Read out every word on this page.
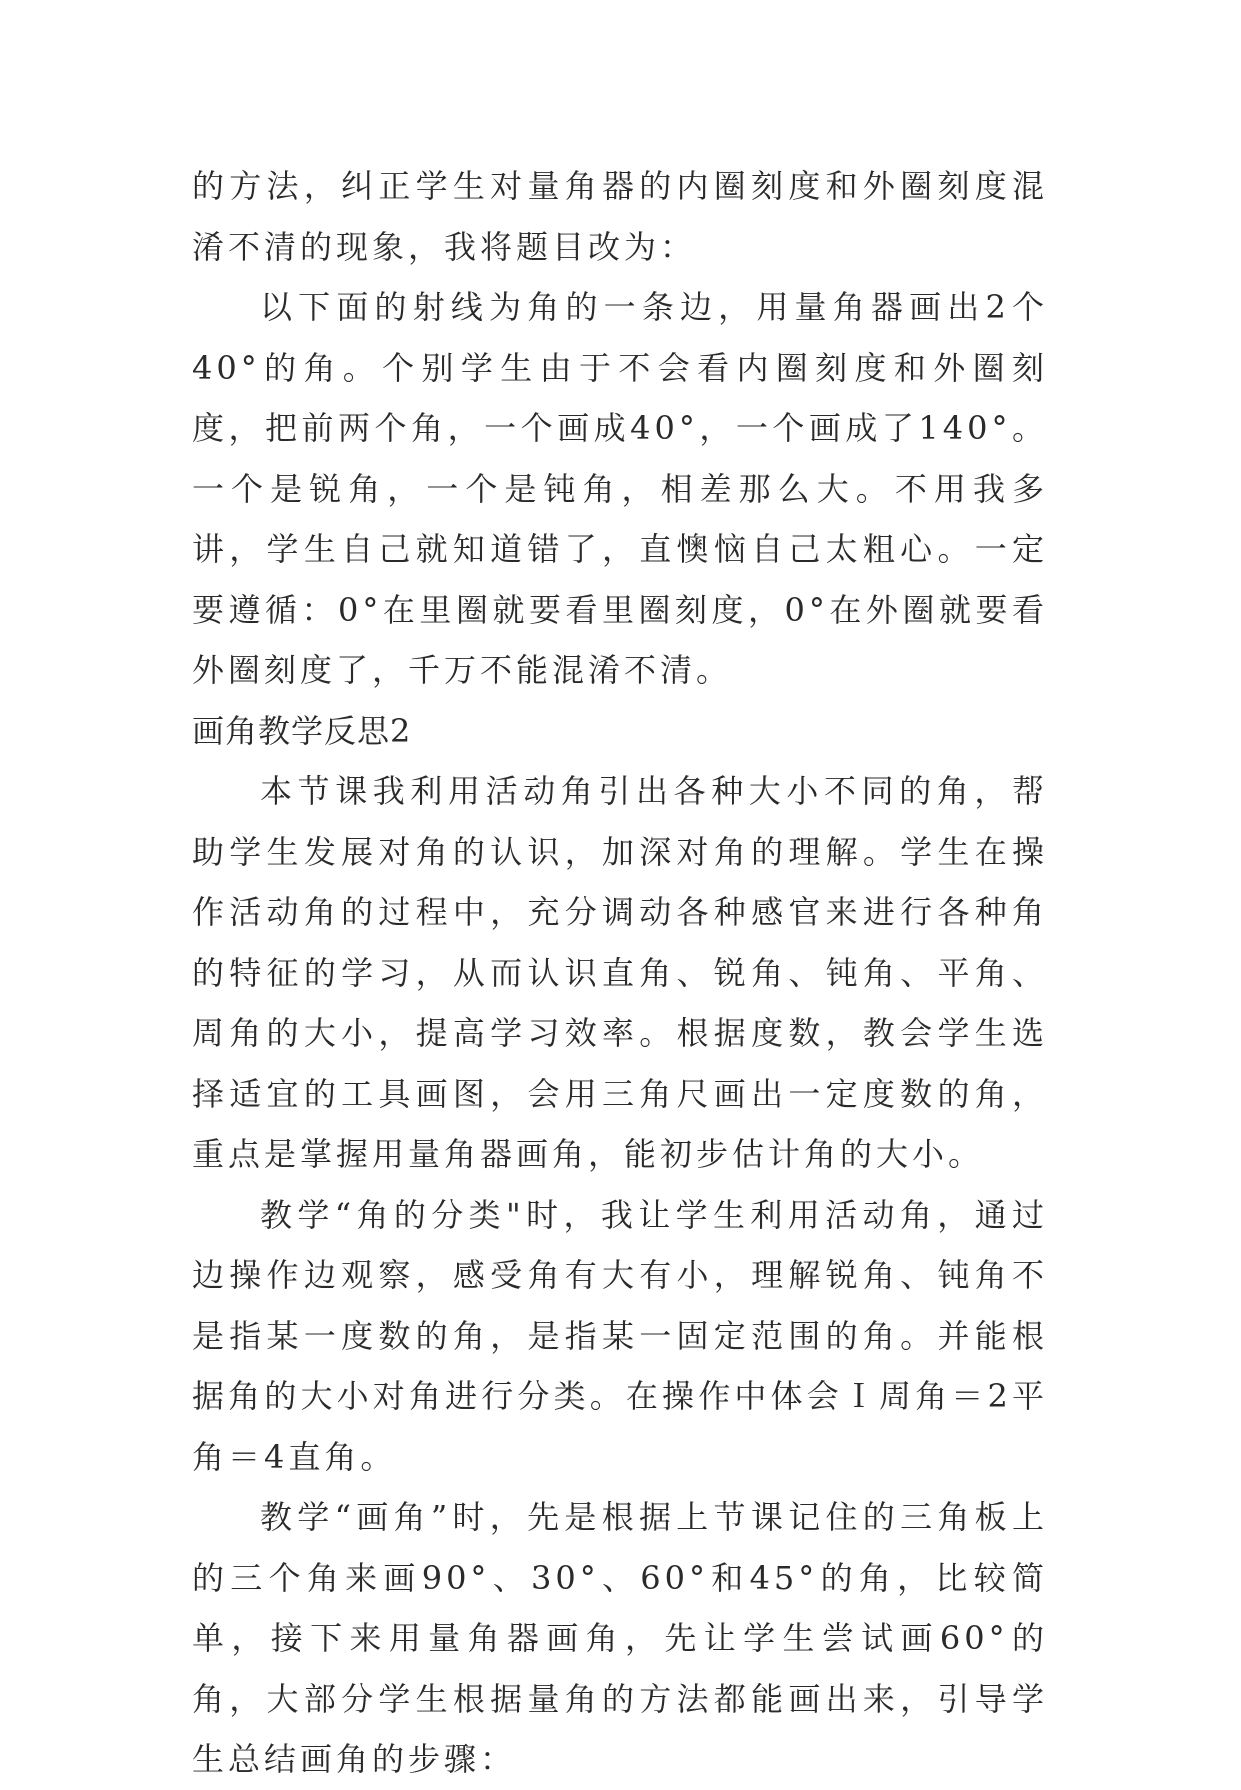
的方法，纠正学生对量角器的内圈刻度和外圈刻度混淆不清的现象，我将题目改为：

以下面的射线为角的一条边，用量角器画出2个40°的角。个别学生由于不会看内圈刻度和外圈刻度，把前两个角，一个画成40°，一个画成了140°。一个是锐角，一个是钝角，相差那么大。不用我多讲，学生自己就知道错了，直懊恼自己太粗心。一定要遵循：0°在里圈就要看里圈刻度，0°在外圈就要看外圈刻度了，千万不能混淆不清。

画角教学反思2

本节课我利用活动角引出各种大小不同的角，帮助学生发展对角的认识，加深对角的理解。学生在操作活动角的过程中，充分调动各种感官来进行各种角的特征的学习，从而认识直角、锐角、钝角、平角、周角的大小，提高学习效率。根据度数，教会学生选择适宜的工具画图，会用三角尺画出一定度数的角，重点是掌握用量角器画角，能初步估计角的大小。

教学“角的分类"时，我让学生利用活动角，通过边操作边观察，感受角有大有小，理解锐角、钝角不是指某一度数的角，是指某一固定范围的角。并能根据角的大小对角进行分类。在操作中体会Ｉ周角＝2平角＝4直角。

教学“画角”时，先是根据上节课记住的三角板上的三个角来画90°、30°、60°和45°的角，比较简单，接下来用量角器画角，先让学生尝试画60°的角，大部分学生根据量角的方法都能画出来，引导学生总结画角的步骤：
